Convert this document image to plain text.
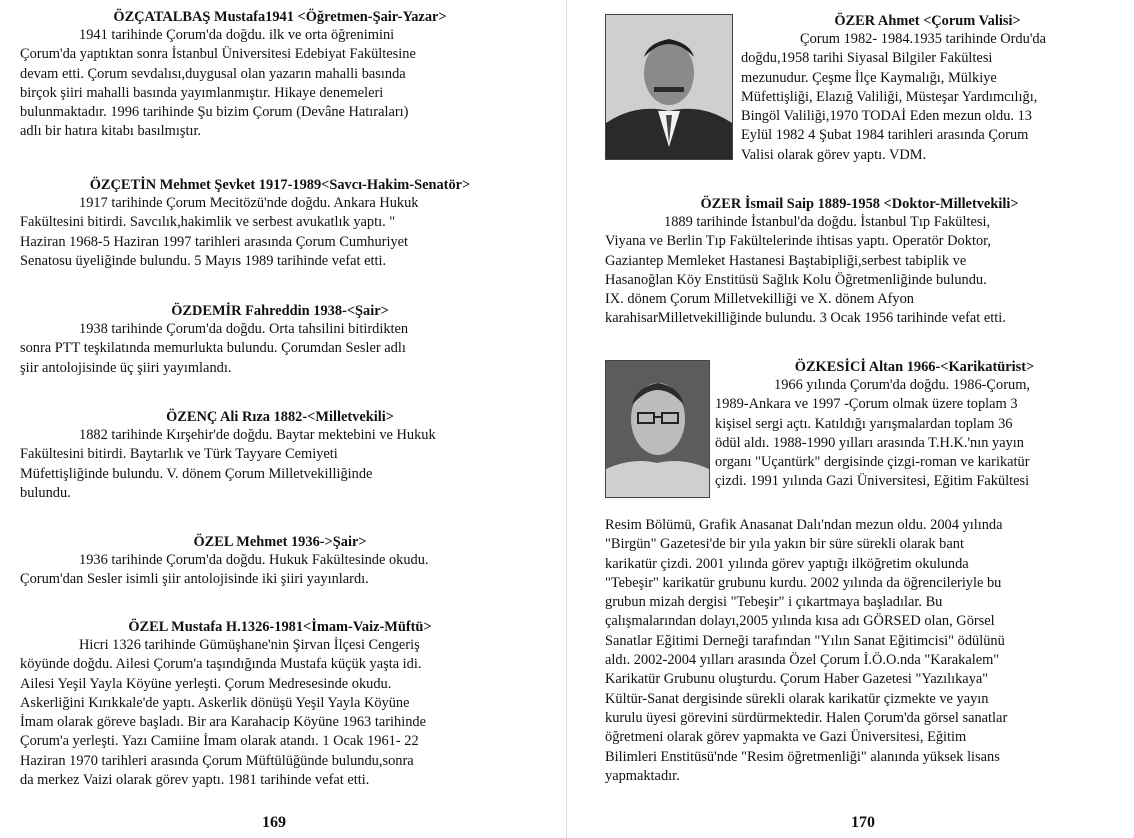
ÖZÇATALBAŞ Mustafa1941 <Öğretmen-Şair-Yazar>
1941 tarihinde Çorum'da doğdu. ilk ve orta öğrenimini
Çorum'da yaptıktan sonra İstanbul Üniversitesi Edebiyat Fakültesine
devam etti. Çorum sevdalısı,duygusal olan yazarın mahalli basında
birçok şiiri mahalli basında yayımlanmıştır. Hikaye denemeleri
bulunmaktadır. 1996 tarihinde Şu bizim Çorum (Devâne Hatıraları)
adlı bir hatıra kitabı basılmıştır.
ÖZÇETİN Mehmet Şevket 1917-1989<Savcı-Hakim-Senatör>
1917 tarihinde Çorum Mecitözü'nde doğdu. Ankara Hukuk
Fakültesini bitirdi. Savcılık,hakimlik ve serbest avukatlık yaptı. "
Haziran 1968-5 Haziran 1997 tarihleri arasında Çorum Cumhuriyet
Senatosu üyeliğinde bulundu. 5 Mayıs 1989 tarihinde vefat etti.
ÖZDEMİR Fahreddin 1938-<Şair>
1938 tarihinde Çorum'da doğdu. Orta tahsilini bitirdikten
sonra PTT teşkilatında memurlukta bulundu. Çorumdan Sesler adlı
şiir antolojisinde üç şiiri yayımlandı.
ÖZENÇ Ali Rıza 1882-<Milletvekili>
1882 tarihinde Kırşehir'de doğdu. Baytar mektebini ve Hukuk
Fakültesini bitirdi. Baytarlık ve Türk Tayyare Cemiyeti
Müfettişliğinde bulundu. V. dönem Çorum Milletvekilliğinde
bulundu.
ÖZEL Mehmet 1936->Şair>
1936 tarihinde Çorum'da doğdu. Hukuk Fakültesinde okudu.
Çorum'dan Sesler isimli şiir antolojisinde iki şiiri yayınlardı.
ÖZEL Mustafa H.1326-1981<İmam-Vaiz-Müftü>
Hicri 1326 tarihinde Gümüşhane'nin Şirvan İlçesi Cengeriş
köyünde doğdu. Ailesi Çorum'a taşındığında Mustafa küçük yaşta idi.
Ailesi Yeşil Yayla Köyüne yerleşti. Çorum Medresesinde okudu.
Askerliğini Kırıkkale'de yaptı. Askerlik dönüşü Yeşil Yayla Köyüne
İmam olarak göreve başladı. Bir ara Karahacip Köyüne 1963 tarihinde
Çorum'a yerleşti. Yazı Camiine İmam olarak atandı. 1 Ocak 1961- 22
Haziran 1970 tarihleri arasında Çorum Müftülüğünde bulundu,sonra
da merkez Vaizi olarak görev yaptı. 1981 tarihinde vefat etti.
169
ÖZER Ahmet <Çorum Valisi>
Çorum 1982- 1984.1935 tarihinde Ordu'da
doğdu,1958 tarihi Siyasal Bilgiler Fakültesi
mezunudur. Çeşme İlçe Kaymalığı, Mülkiye
Müfettişliği, Elazığ Valiliği, Müsteşar Yardımcılığı,
Bingöl Valiliği,1970 TODAİ Eden mezun oldu. 13
Eylül 1982 4 Şubat 1984 tarihleri arasında Çorum
Valisi olarak görev yaptı. VDM.
ÖZER İsmail Saip 1889-1958 <Doktor-Milletvekili>
1889 tarihinde İstanbul'da doğdu. İstanbul Tıp Fakültesi,
Viyana ve Berlin Tıp Fakültelerinde ihtisas yaptı. Operatör Doktor,
Gaziantep Memleket Hastanesi Baştabipliği,serbest tabiplik ve
Hasanoğlan Köy Enstitüsü Sağlık Kolu Öğretmenliğinde bulundu.
IX. dönem Çorum Milletvekilliği ve X. dönem Afyon
karahisarMilletvekilliğinde bulundu. 3 Ocak 1956 tarihinde vefat etti.
ÖZKESİCİ Altan 1966-<Karikatürist>
1966 yılında Çorum'da doğdu. 1986-Çorum,
1989-Ankara ve 1997 -Çorum olmak üzere toplam 3
kişisel sergi açtı. Katıldığı yarışmalardan toplam 36
ödül aldı. 1988-1990 yılları arasında T.H.K.'nın yayın
organı "Uçantürk" dergisinde çizgi-roman ve karikatür
çizdi. 1991 yılında Gazi Üniversitesi, Eğitim Fakültesi
Resim Bölümü, Grafik Anasanat Dalı'ndan mezun oldu. 2004 yılında
"Birgün" Gazetesi'de bir yıla yakın bir süre sürekli olarak bant
karikatür çizdi. 2001 yılında görev yaptığı ilköğretim okulunda
"Tebeşir" karikatür grubunu kurdu. 2002 yılında da öğrencileriyle bu
grubun mizah dergisi "Tebeşir" i çıkartmaya başladılar. Bu
çalışmalarından dolayı,2005 yılında kısa adı GÖRSED olan, Görsel
Sanatlar Eğitimi Derneği tarafından "Yılın Sanat Eğitimcisi" ödülünü
aldı. 2002-2004 yılları arasında Özel Çorum İ.Ö.O.nda "Karakalem"
Karikatür Grubunu oluşturdu. Çorum Haber Gazetesi "Yazılıkaya"
Kültür-Sanat dergisinde sürekli olarak karikatür çizmekte ve yayın
kurulu üyesi görevini sürdürmektedir. Halen Çorum'da görsel sanatlar
öğretmeni olarak görev yapmakta ve Gazi Üniversitesi, Eğitim
Bilimleri Enstitüsü'nde "Resim öğretmenliği" alanında yüksek lisans
yapmaktadır.
170
